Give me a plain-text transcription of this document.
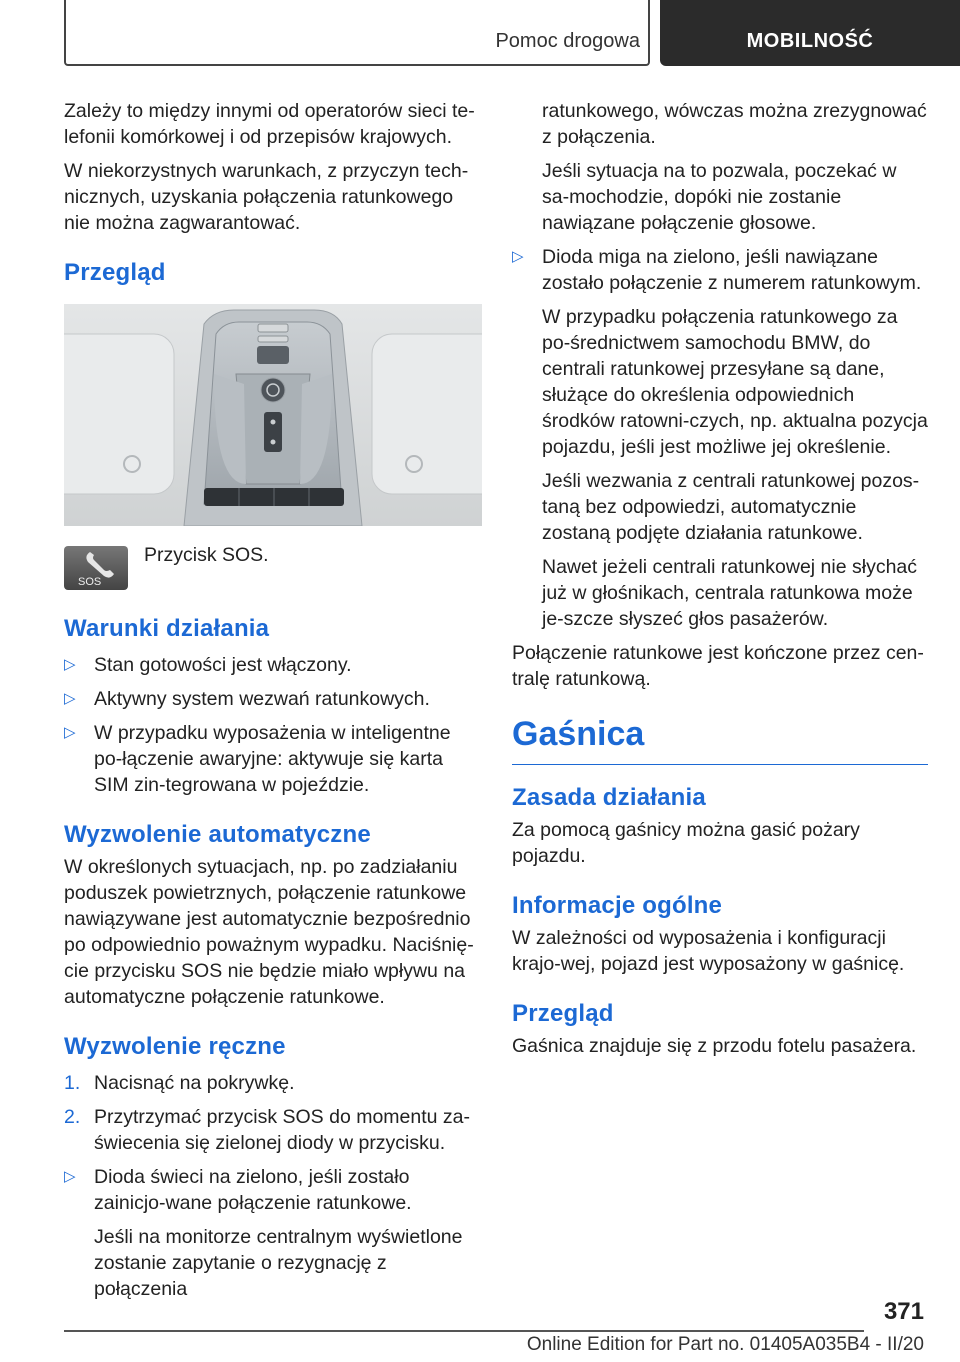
Pomoc drogowa	MOBILNOŚĆ

Zależy to między innymi od operatorów sieci te-lefonii komórkowej i od przepisów krajowych.

W niekorzystnych warunkach, z przyczyn tech-nicznych, uzyskania połączenia ratunkowego nie można zagwarantować.

Przegląd
SOS
Przycisk SOS.
Warunki działania
▷ Stan gotowości jest włączony.
▷ Aktywny system wezwań ratunkowych.
▷ W przypadku wyposażenia w inteligentne po-łączenie awaryjne: aktywuje się karta SIM zin-tegrowana w pojeździe.
Wyzwolenie automatyczne

W określonych sytuacjach, np. po zadziałaniu poduszek powietrznych, połączenie ratunkowe nawiązywane jest automatycznie bezpośrednio po odpowiednio poważnym wypadku. Naciśnię-cie przycisku SOS nie będzie miało wpływu na automatyczne połączenie ratunkowe.

Wyzwolenie ręczne
1. Nacisnąć na pokrywkę.
2. Przytrzymać przycisk SOS do momentu za-świecenia się zielonej diody w przycisku.
▷ Dioda świeci na zielono, jeśli zostało zainicjo-wane połączenie ratunkowe.
Jeśli na monitorze centralnym wyświetlone zostanie zapytanie o rezygnację z połączenia
ratunkowego, wówczas można zrezygnować z połączenia.
Jeśli sytuacja na to pozwala, poczekać w sa-mochodzie, dopóki nie zostanie nawiązane połączenie głosowe.
▷ Dioda miga na zielono, jeśli nawiązane zostało połączenie z numerem ratunkowym.
W przypadku połączenia ratunkowego za po-średnictwem samochodu BMW, do centrali ratunkowej przesyłane są dane, służące do określenia odpowiednich środków ratowni-czych, np. aktualna pozycja pojazdu, jeśli jest możliwe jej określenie.
Jeśli wezwania z centrali ratunkowej pozos-taną bez odpowiedzi, automatycznie zostaną podjęte działania ratunkowe.
Nawet jeżeli centrali ratunkowej nie słychać już w głośnikach, centrala ratunkowa może je-szcze słyszeć głos pasażerów.

Połączenie ratunkowe jest kończone przez cen-tralę ratunkową.

Gaśnica
Zasada działania

Za pomocą gaśnicy można gasić pożary pojazdu.

Informacje ogólne

W zależności od wyposażenia i konfiguracji krajo-wej, pojazd jest wyposażony w gaśnicę.

Przegląd

Gaśnica znajduje się z przodu fotelu pasażera.

371
Online Edition for Part no. 01405A035B4 - II/20
